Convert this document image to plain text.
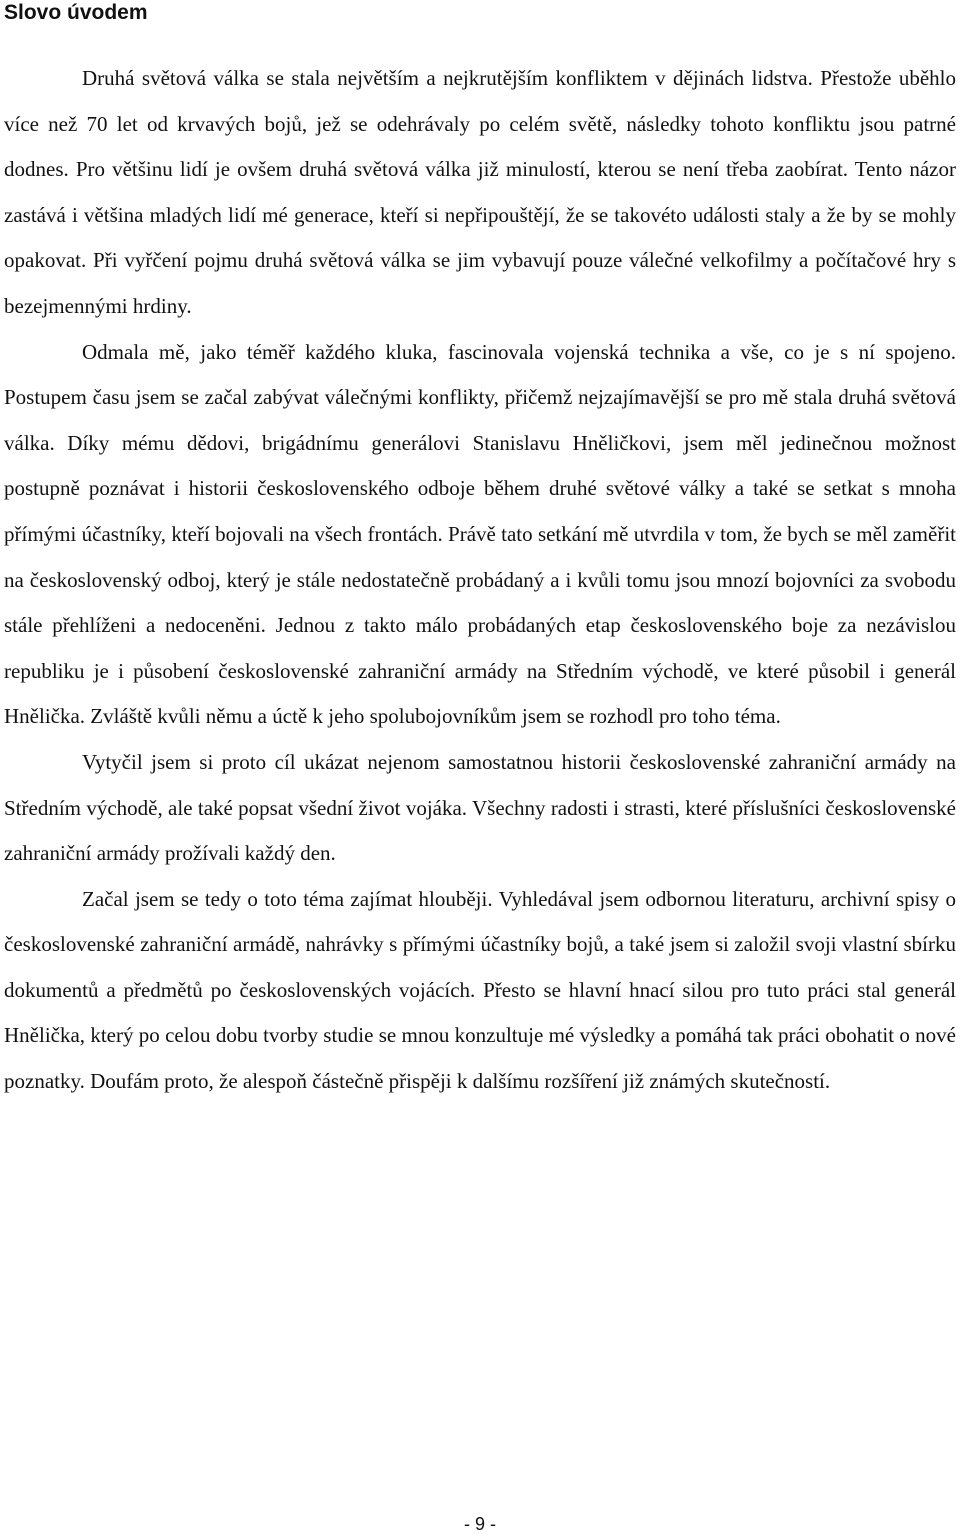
Slovo úvodem

Druhá světová válka se stala největším a nejkrutějším konfliktem v dějinách lidstva. Přestože uběhlo více než 70 let od krvavých bojů, jež se odehrávaly po celém světě, následky tohoto konfliktu jsou patrné dodnes. Pro většinu lidí je ovšem druhá světová válka již minulostí, kterou se není třeba zaobírat. Tento názor zastává i většina mladých lidí mé generace, kteří si nepřipouštějí, že se takovéto události staly a že by se mohly opakovat. Při vyřčení pojmu druhá světová válka se jim vybavují pouze válečné velkofilmy a počítačové hry s bezejmennými hrdiny.

Odmala mě, jako téměř každého kluka, fascinovala vojenská technika a vše, co je s ní spojeno. Postupem času jsem se začal zabývat válečnými konflikty, přičemž nejzajímavější se pro mě stala druhá světová válka. Díky mému dědovi, brigádnímu generálovi Stanislavu Hněličkovi, jsem měl jedinečnou možnost postupně poznávat i historii československého odboje během druhé světové války a také se setkat s mnoha přímými účastníky, kteří bojovali na všech frontách. Právě tato setkání mě utvrdila v tom, že bych se měl zaměřit na československý odboj, který je stále nedostatečně probádaný a i kvůli tomu jsou mnozí bojovníci za svobodu stále přehlíženi a nedoceněni. Jednou z takto málo probádaných etap československého boje za nezávislou republiku je i působení československé zahraniční armády na Středním východě, ve které působil i generál Hnělička. Zvláště kvůli němu a úctě k jeho spolubojovníkům jsem se rozhodl pro toho téma.

Vytyčil jsem si proto cíl ukázat nejenom samostatnou historii československé zahraniční armády na Středním východě, ale také popsat všední život vojáka. Všechny radosti i strasti, které příslušníci československé zahraniční armády prožívali každý den.

Začal jsem se tedy o toto téma zajímat hlouběji. Vyhledával jsem odbornou literaturu, archivní spisy o československé zahraniční armádě, nahrávky s přímými účastníky bojů, a také jsem si založil svoji vlastní sbírku dokumentů a předmětů po československých vojácích. Přesto se hlavní hnací silou pro tuto práci stal generál Hnělička, který po celou dobu tvorby studie se mnou konzultuje mé výsledky a pomáhá tak práci obohatit o nové poznatky. Doufám proto, že alespoň částečně přispěji k dalšímu rozšíření již známých skutečností.

- 9 -
